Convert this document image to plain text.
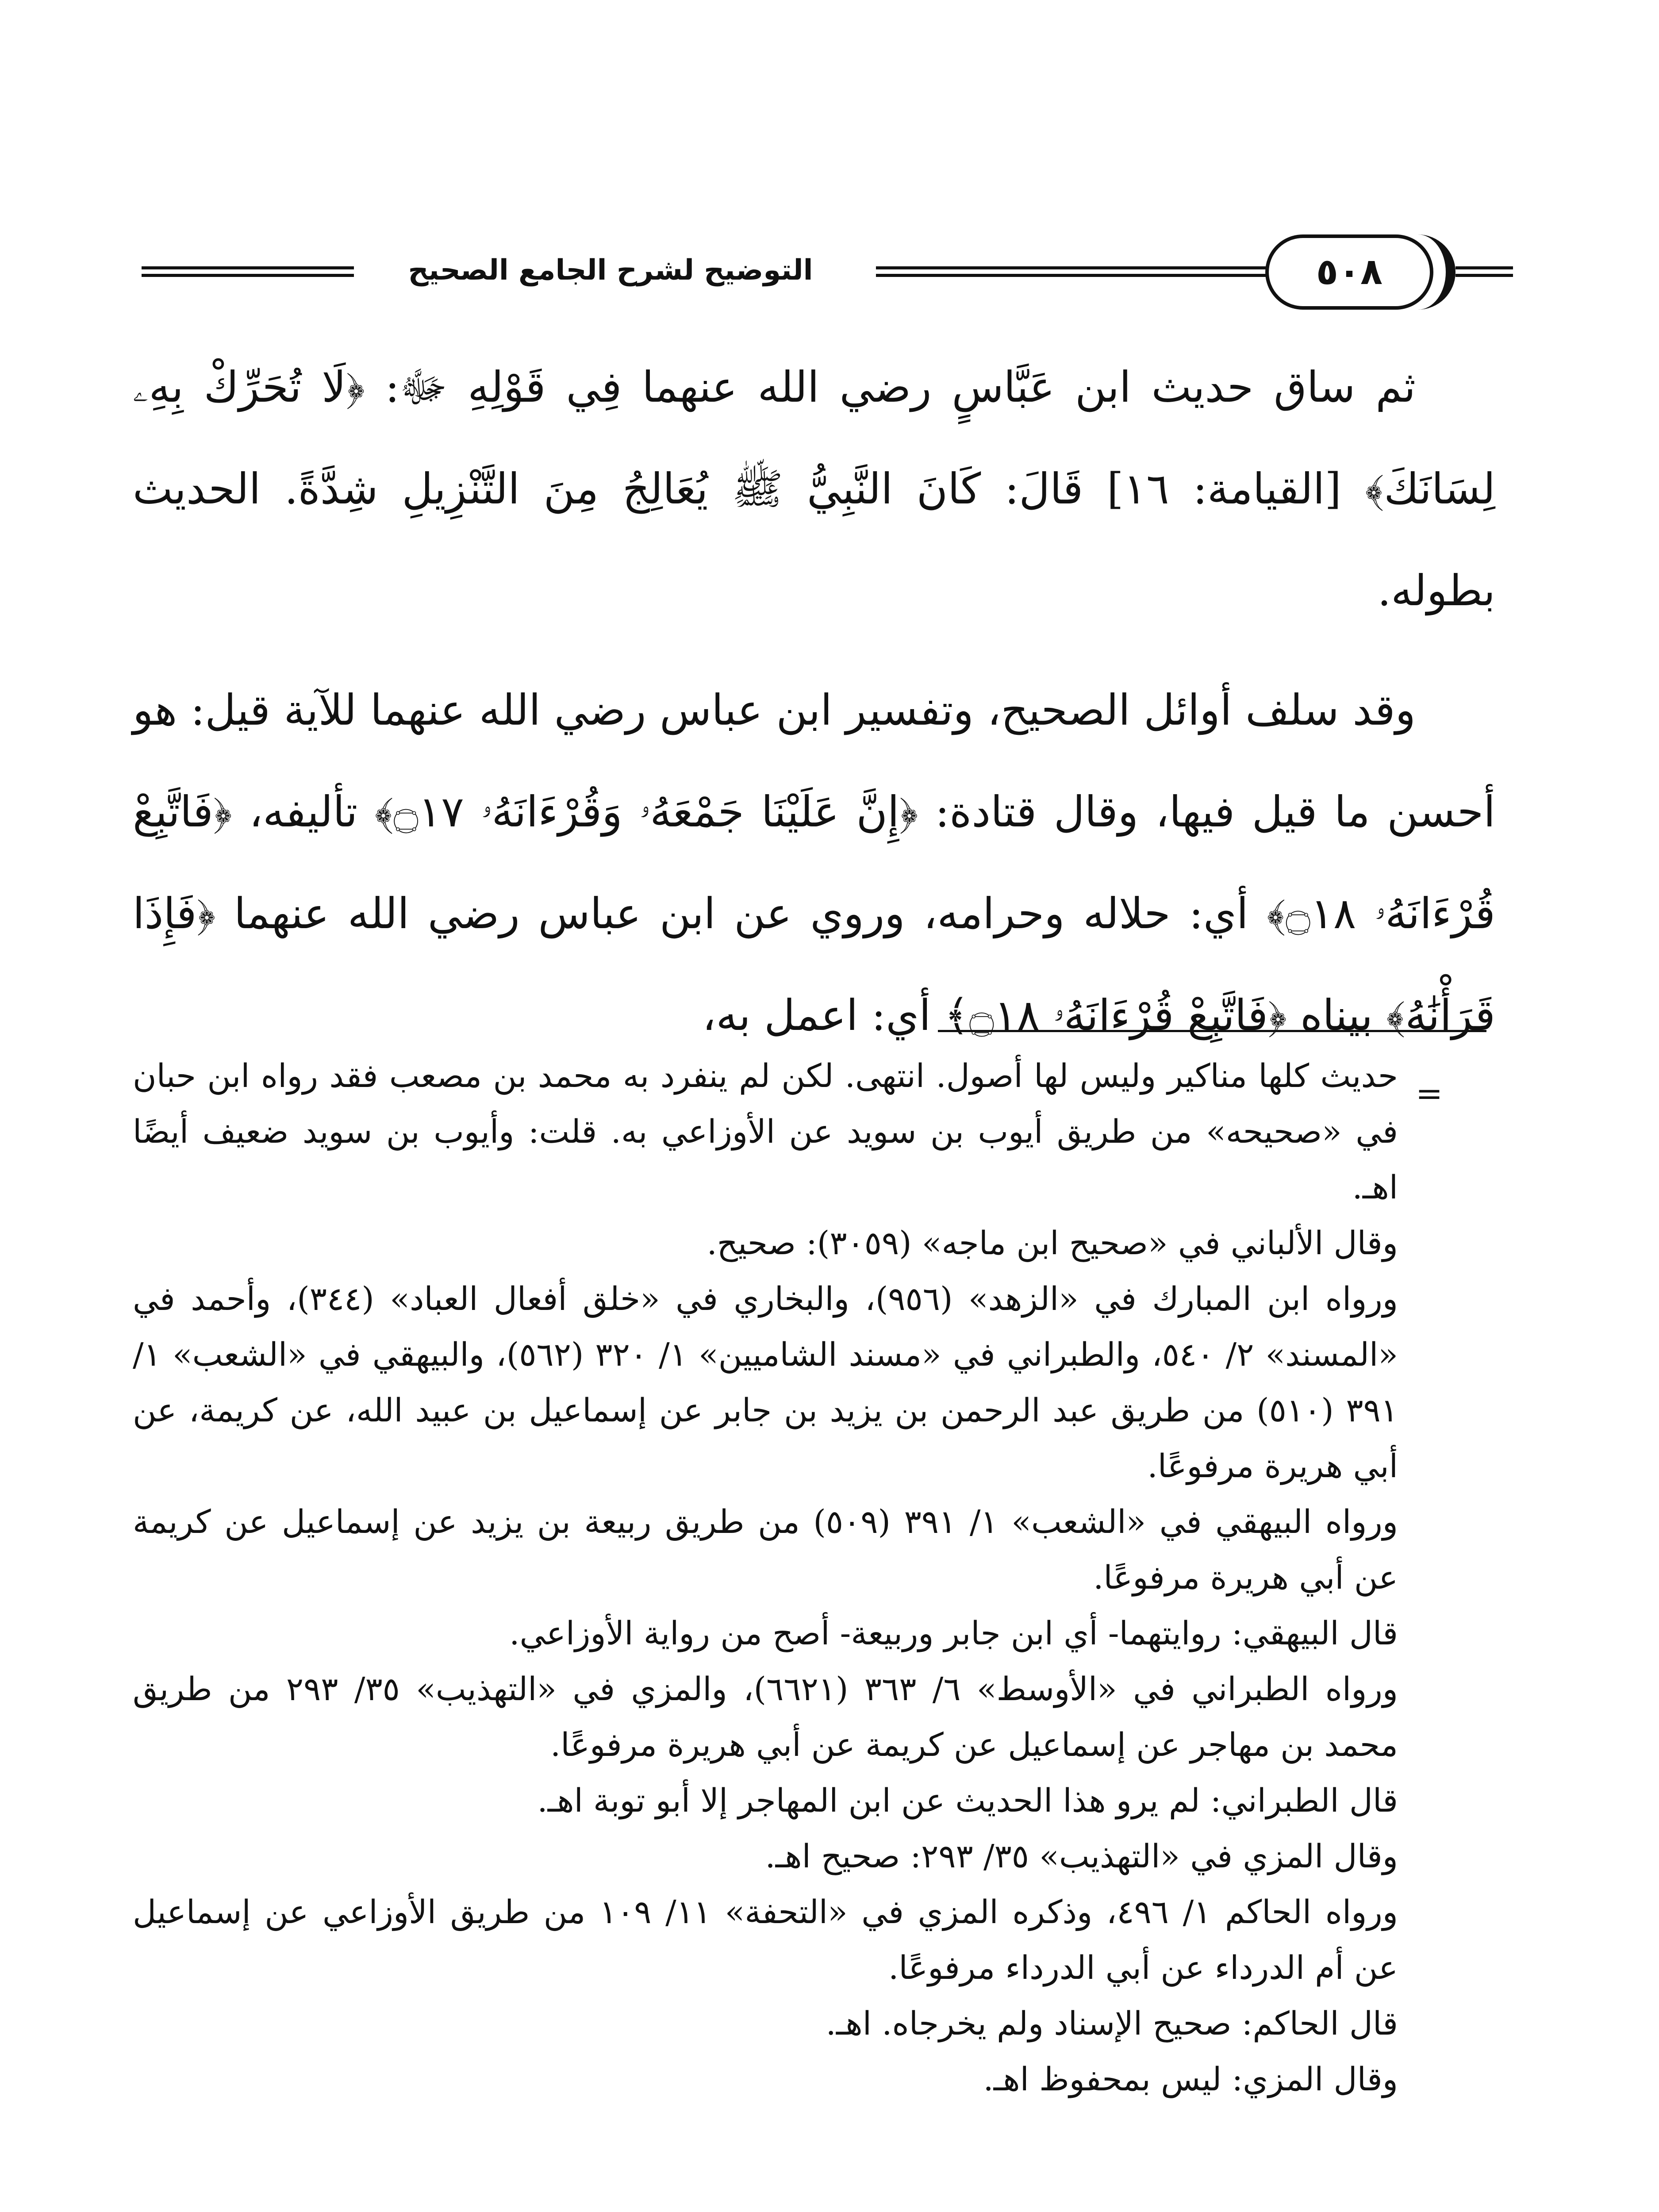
التوضيح لشرح الجامع الصحيح	٥٠٨

ثم ساق حديث ابن عَبَّاسٍ رضي الله عنهما فِي قَوْلِهِ ﷻ: ﴿لَا تُحَرِّكْ بِهِۦ لِسَانَكَ﴾ [القيامة: ١٦] قَالَ: كَانَ النَّبِيُّ ﷺ يُعَالِجُ مِنَ التَّنْزِيلِ شِدَّةً. الحديث بطوله.

وقد سلف أوائل الصحيح، وتفسير ابن عباس رضي الله عنهما للآية قيل: هو أحسن ما قيل فيها، وقال قتادة: ﴿إِنَّ عَلَيْنَا جَمْعَهُۥ وَقُرْءَانَهُۥ ۝١٧﴾ تأليفه، ﴿فَاتَّبِعْ قُرْءَانَهُۥ ۝١٨﴾ أي: حلاله وحرامه، وروي عن ابن عباس رضي الله عنهما ﴿فَإِذَا قَرَأْنَٰهُ﴾ بيناه ﴿فَاتَّبِعْ قُرْءَانَهُۥ ۝١٨﴾ أي: اعمل به،

=

حديث كلها مناكير وليس لها أصول. انتهى. لكن لم ينفرد به محمد بن مصعب فقد رواه ابن حبان في «صحيحه» من طريق أيوب بن سويد عن الأوزاعي به. قلت: وأيوب بن سويد ضعيف أيضًا اهـ.

وقال الألباني في «صحيح ابن ماجه» (٣٠٥٩): صحيح.

ورواه ابن المبارك في «الزهد» (٩٥٦)، والبخاري في «خلق أفعال العباد» (٣٤٤)، وأحمد في «المسند» ٢/ ٥٤٠، والطبراني في «مسند الشاميين» ١/ ٣٢٠ (٥٦٢)، والبيهقي في «الشعب» ١/ ٣٩١ (٥١٠) من طريق عبد الرحمن بن يزيد بن جابر عن إسماعيل بن عبيد الله، عن كريمة، عن أبي هريرة مرفوعًا.

ورواه البيهقي في «الشعب» ١/ ٣٩١ (٥٠٩) من طريق ربيعة بن يزيد عن إسماعيل عن كريمة عن أبي هريرة مرفوعًا.

قال البيهقي: روايتهما- أي ابن جابر وربيعة- أصح من رواية الأوزاعي.

ورواه الطبراني في «الأوسط» ٦/ ٣٦٣ (٦٦٢١)، والمزي في «التهذيب» ٣٥/ ٢٩٣ من طريق محمد بن مهاجر عن إسماعيل عن كريمة عن أبي هريرة مرفوعًا.

قال الطبراني: لم يرو هذا الحديث عن ابن المهاجر إلا أبو توبة اهـ.

وقال المزي في «التهذيب» ٣٥/ ٢٩٣: صحيح اهـ.

ورواه الحاكم ١/ ٤٩٦، وذكره المزي في «التحفة» ١١/ ١٠٩ من طريق الأوزاعي عن إسماعيل عن أم الدرداء عن أبي الدرداء مرفوعًا.

قال الحاكم: صحيح الإسناد ولم يخرجاه. اهـ.

وقال المزي: ليس بمحفوظ اهـ.
